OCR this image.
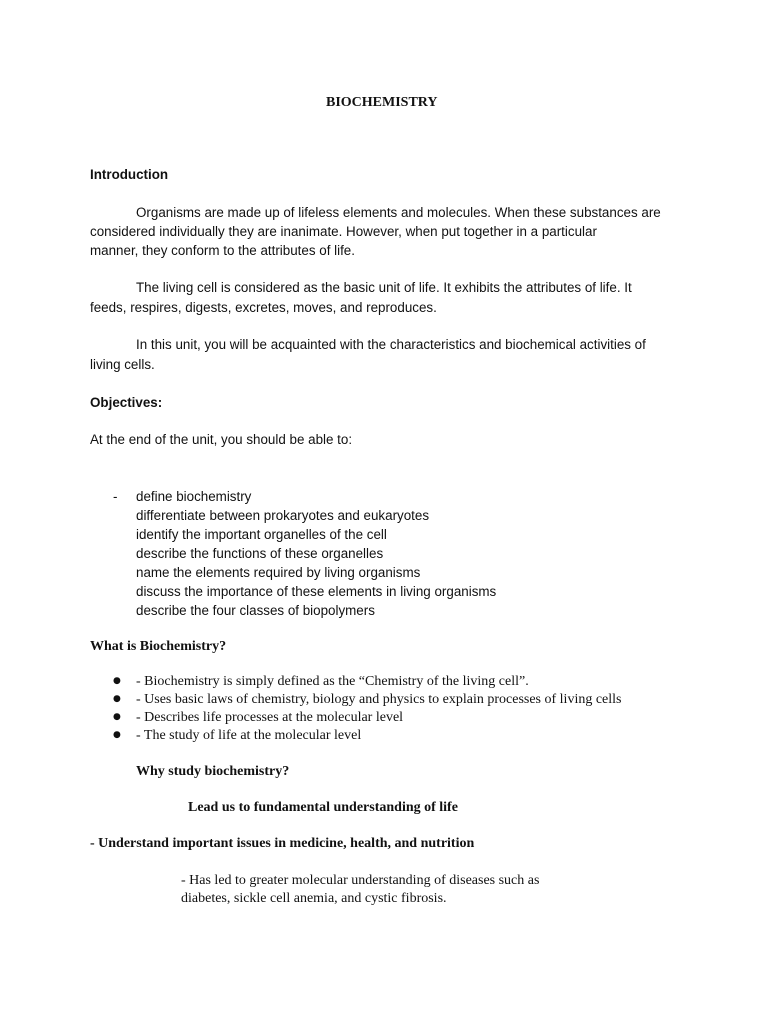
BIOCHEMISTRY
Introduction
Organisms are made up of lifeless elements and molecules. When these substances are
considered individually they are inanimate. However, when put together in a particular
manner, they conform to the attributes of life.
The living cell is considered as the basic unit of life. It exhibits the attributes of life. It
feeds, respires, digests, excretes, moves, and reproduces.
In this unit, you will be acquainted with the characteristics and biochemical activities of
living cells.
Objectives:
At the end of the unit, you should be able to:
- define biochemistry
differentiate between prokaryotes and eukaryotes
identify the important organelles of the cell
describe the functions of these organelles
name the elements required by living organisms
discuss the importance of these elements in living organisms
describe the four classes of biopolymers
What is Biochemistry?
● - Biochemistry is simply defined as the “Chemistry of the living cell”.
● - Uses basic laws of chemistry, biology and physics to explain processes of living cells
● - Describes life processes at the molecular level
● - The study of life at the molecular level
Why study biochemistry?
Lead us to fundamental understanding of life
- Understand important issues in medicine, health, and nutrition
- Has led to greater molecular understanding of diseases such as
diabetes, sickle cell anemia, and cystic fibrosis.
